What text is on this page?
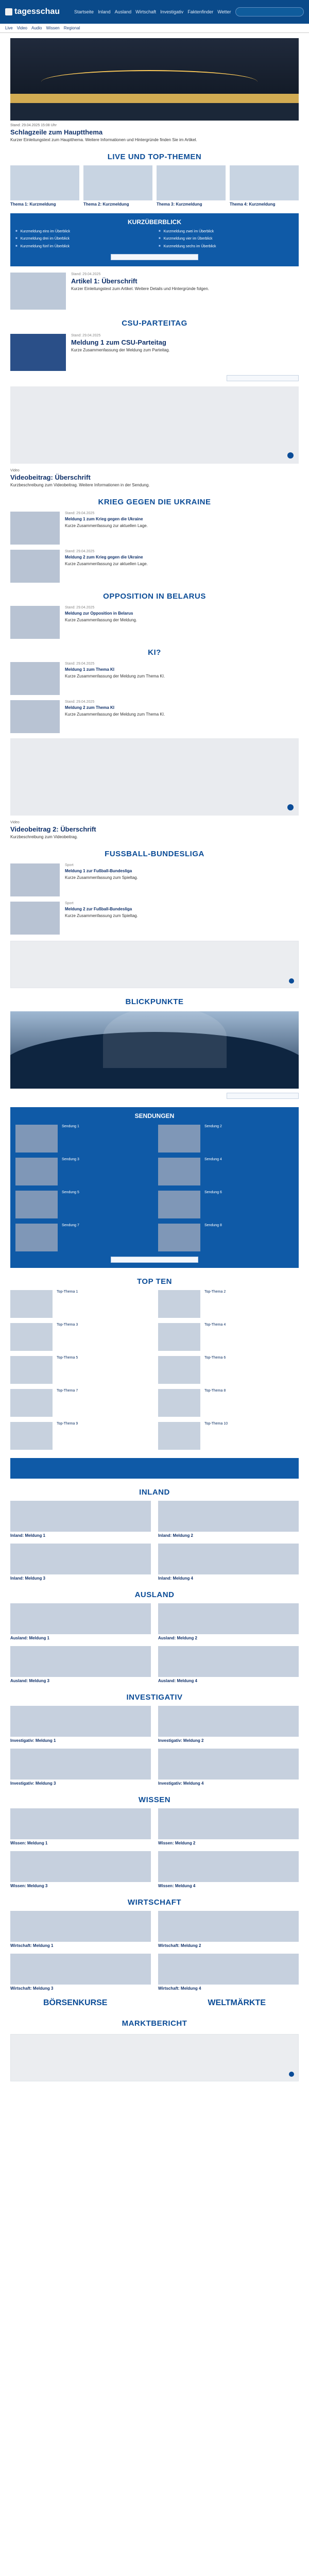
tagesschau	Startseite Inland Ausland Wirtschaft Investigativ Faktenfinder Wetter
Live Video Audio Wissen Regional
Stand: 29.04.2025 15:08 Uhr
Schlagzeile zum Hauptthema
Kurzer Einleitungstext zum Hauptthema. Weitere Informationen und Hintergründe finden Sie im Artikel.
LIVE UND TOP-THEMEN
Thema 1: Kurzmeldung	Thema 2: Kurzmeldung	Thema 3: Kurzmeldung	Thema 4: Kurzmeldung
KURZÜBERBLICK
■ Kurzmeldung eins im Überblick	■ Kurzmeldung zwei im Überblick
■ Kurzmeldung drei im Überblick	■ Kurzmeldung vier im Überblick
■ Kurzmeldung fünf im Überblick	■ Kurzmeldung sechs im Überblick
Stand: 29.04.2025
Artikel 1: Überschrift
Kurzer Einleitungstext zum Artikel. Weitere Details und Hintergründe folgen.
CSU-PARTEITAG
Stand: 29.04.2025
Meldung 1 zum CSU-Parteitag
Kurze Zusammenfassung der Meldung zum Parteitag.
Video
Videobeitrag: Überschrift
Kurzbeschreibung zum Videobeitrag. Weitere Informationen in der Sendung.
KRIEG GEGEN DIE UKRAINE
Stand: 29.04.2025
Meldung 1 zum Krieg gegen die Ukraine
Kurze Zusammenfassung zur aktuellen Lage.
Stand: 29.04.2025
Meldung 2 zum Krieg gegen die Ukraine
Kurze Zusammenfassung zur aktuellen Lage.
OPPOSITION IN BELARUS
Stand: 29.04.2025
Meldung zur Opposition in Belarus
Kurze Zusammenfassung der Meldung.
KI?
Stand: 29.04.2025
Meldung 1 zum Thema KI
Kurze Zusammenfassung der Meldung zum Thema KI.
Stand: 29.04.2025
Meldung 2 zum Thema KI
Kurze Zusammenfassung der Meldung zum Thema KI.
Video
Videobeitrag 2: Überschrift
Kurzbeschreibung zum Videobeitrag.
FUSSBALL-BUNDESLIGA
Sport
Meldung 1 zur Fußball-Bundesliga
Kurze Zusammenfassung zum Spieltag.
Sport
Meldung 2 zur Fußball-Bundesliga
Kurze Zusammenfassung zum Spieltag.
BLICKPUNKTE
SENDUNGEN
Sendung 1	Sendung 2
Sendung 3	Sendung 4
Sendung 5	Sendung 6
Sendung 7	Sendung 8
TOP TEN
Top-Thema 1	Top-Thema 2
Top-Thema 3	Top-Thema 4
Top-Thema 5	Top-Thema 6
Top-Thema 7	Top-Thema 8
Top-Thema 9	Top-Thema 10
INLAND
Inland: Meldung 1	Inland: Meldung 2
Inland: Meldung 3	Inland: Meldung 4
AUSLAND
Ausland: Meldung 1	Ausland: Meldung 2
Ausland: Meldung 3	Ausland: Meldung 4
INVESTIGATIV
Investigativ: Meldung 1	Investigativ: Meldung 2
Investigativ: Meldung 3	Investigativ: Meldung 4
WISSEN
Wissen: Meldung 1	Wissen: Meldung 2
Wissen: Meldung 3	Wissen: Meldung 4
WIRTSCHAFT
Wirtschaft: Meldung 1	Wirtschaft: Meldung 2
Wirtschaft: Meldung 3	Wirtschaft: Meldung 4
BÖRSENKURSE	WELTMÄRKTE
MARKTBERICHT
